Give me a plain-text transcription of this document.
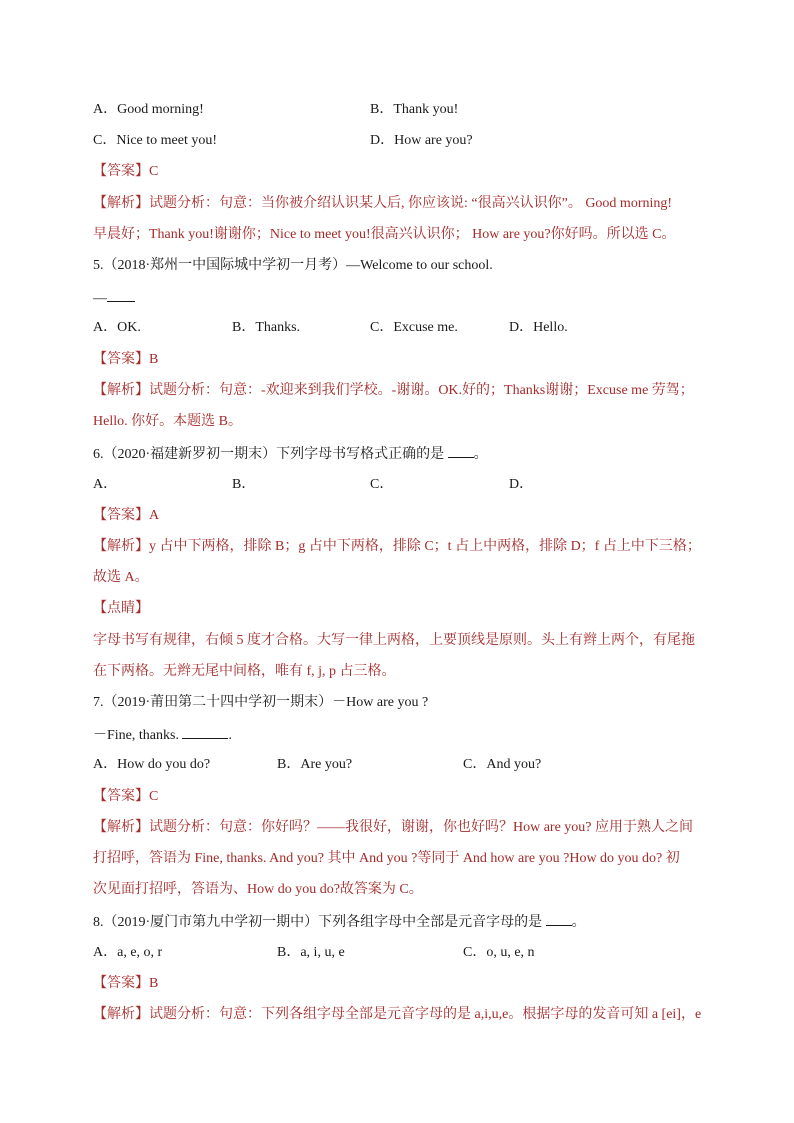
A．Good morning!	B．Thank you!
C．Nice to meet you!	D．How are you?
【答案】C
【解析】试题分析：句意：当你被介绍认识某人后, 你应该说: “很高兴认识你”。 Good morning!
早晨好；Thank you!谢谢你；Nice to meet you!很高兴认识你； How are you?你好吗。所以选 C。
5.（2018·郑州一中国际城中学初一月考）—Welcome to our school.
—
A．OK.	B．Thanks.	C．Excuse me.	D．Hello.
【答案】B
【解析】试题分析：句意：-欢迎来到我们学校。-谢谢。OK.好的；Thanks谢谢；Excuse me 劳驾；
Hello. 你好。本题选 B。
6.（2020·福建新罗初一期末）下列字母书写格式正确的是 。
A．	B．	C．	D．
【答案】A
【解析】y 占中下两格，排除 B；g 占中下两格，排除 C；t 占上中两格，排除 D；f 占上中下三格；
故选 A。
【点睛】
字母书写有规律，右倾 5 度才合格。大写一律上两格，上要顶线是原则。头上有辫上两个，有尾拖
在下两格。无辫无尾中间格，唯有 f, j, p 占三格。
7.（2019·莆田第二十四中学初一期末）－How are you ?
－Fine, thanks.	.
A．How do you do?	B．Are you?	C．And you?
【答案】C
【解析】试题分析：句意：你好吗？——我很好，谢谢，你也好吗？How are you? 应用于熟人之间
打招呼，答语为 Fine, thanks. And you? 其中 And you ?等同于 And how are you ?How do you do? 初
次见面打招呼，答语为、How do you do?故答案为 C。
8.（2019·厦门市第九中学初一期中）下列各组字母中全部是元音字母的是 。
A．a, e, o, r	B．a, i, u, e	C．o, u, e, n
【答案】B
【解析】试题分析：句意：下列各组字母全部是元音字母的是 a,i,u,e。根据字母的发音可知 a [ei]，e
